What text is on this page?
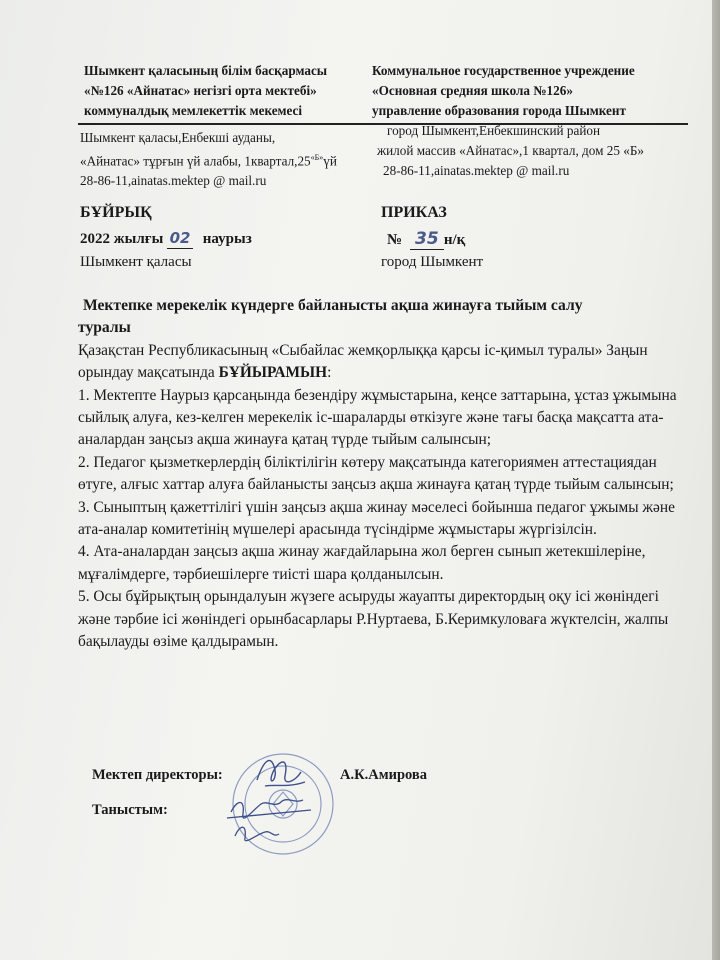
Шымкент қаласының білім басқармасы
«№126 «Айнатас» негізгі орта мектебі»
коммуналдық мемлекеттік мекемесі
Коммунальное государственное учреждение
«Основная средняя школа №126»
управление образования города Шымкент
Шымкент қаласы,Енбекші ауданы,
«Айнатас» тұрғын үй алабы, $1квартал,25^{«Б»}үй$
28-86-11,ainatas.mektep @ mail.ru
город Шымкент,Енбекшинский район
жилой массив «Айнатас»,1 квартал, дом 25 «Б»
28-86-11,ainatas.mektep @ mail.ru
БҰЙРЫҚ
2022 жылғы 02 наурыз
Шымкент қаласы
ПРИКАЗ
№ 35 н/қ
город Шымкент
Мектепке мерекелік күндерге байланысты ақша жинауға тыйым салу
туралы

Қазақстан Республикасының «Сыбайлас жемқорлыққа қарсы іс-қимыл туралы» Заңын орындау мақсатында БҰЙЫРАМЫН:

1. Мектепте Наурыз қарсаңында безендіру жұмыстарына, кеңсе заттарына, ұстаз ұжымына сыйлық алуға, кез-келген мерекелік іс-шараларды өткізуге және тағы басқа мақсатта ата-аналардан заңсыз ақша жинауға қатаң түрде тыйым салынсын;

2. Педагог қызметкерлердің біліктілігін көтеру мақсатында категориямен аттестациядан өтуге, алғыс хаттар алуға байланысты заңсыз ақша жинауға қатаң түрде тыйым салынсын;

3. Сыныптың қажеттілігі үшін заңсыз ақша жинау мәселесі бойынша педагог ұжымы және ата-аналар комитетінің мүшелері арасында түсіндірме жұмыстары жүргізілсін.

4. Ата-аналардан заңсыз ақша жинау жағдайларына жол берген сынып жетекшілеріне, мұғалімдерге, тәрбиешілерге тиісті шара қолданылсын.

5. Осы бұйрықтың орындалуын жүзеге асыруды жауапты директордың оқу ісі жөніндегі және тәрбие ісі жөніндегі орынбасарлары Р.Нуртаева, Б.Керимкуловаға жүктелсін, жалпы бақылауды өзіме қалдырамын.

Мектеп директоры:	А.К.Амирова
Таныстым:
